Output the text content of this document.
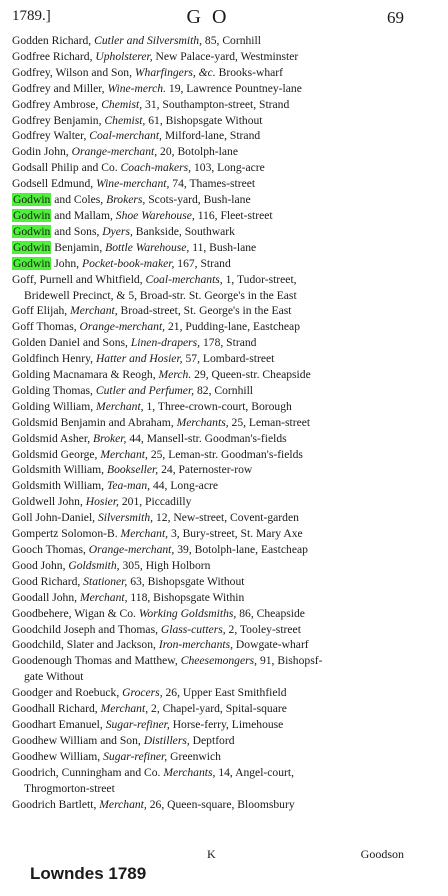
1789.]	G O	69
Godden Richard, Cutler and Silversmith, 85, Cornhill
Godfree Richard, Upholsterer, New Palace-yard, Westminster
Godfrey, Wilson and Son, Wharfingers, &c. Brooks-wharf
Godfrey and Miller, Wine-merch. 19, Lawrence Pountney-lane
Godfrey Ambrose, Chemist, 31, Southampton-street, Strand
Godfrey Benjamin, Chemist, 61, Bishopsgate Without
Godfrey Walter, Coal-merchant, Milford-lane, Strand
Godin John, Orange-merchant, 20, Botolph-lane
Godsall Philip and Co. Coach-makers, 103, Long-acre
Godsell Edmund, Wine-merchant, 74, Thames-street
Godwin and Coles, Brokers, Scots-yard, Bush-lane
Godwin and Mallam, Shoe Warehouse, 116, Fleet-street
Godwin and Sons, Dyers, Bankside, Southwark
Godwin Benjamin, Bottle Warehouse, 11, Bush-lane
Godwin John, Pocket-book-maker, 167, Strand
Goff, Purnell and Whitfield, Coal-merchants, 1, Tudor-street,
Bridewell Precinct, & 5, Broad-str. St. George's in the East
Goff Elijah, Merchant, Broad-street, St. George's in the East
Goff Thomas, Orange-merchant, 21, Pudding-lane, Eastcheap
Golden Daniel and Sons, Linen-drapers, 178, Strand
Goldfinch Henry, Hatter and Hosier, 57, Lombard-street
Golding Macnamara & Reogh, Merch. 29, Queen-str. Cheapside
Golding Thomas, Cutler and Perfumer, 82, Cornhill
Golding William, Merchant, 1, Three-crown-court, Borough
Goldsmid Benjamin and Abraham, Merchants, 25, Leman-street
Goldsmid Asher, Broker, 44, Mansell-str. Goodman's-fields
Goldsmid George, Merchant, 25, Leman-str. Goodman's-fields
Goldsmith William, Bookseller, 24, Paternoster-row
Goldsmith William, Tea-man, 44, Long-acre
Goldwell John, Hosier, 201, Piccadilly
Goll John-Daniel, Silversmith, 12, New-street, Covent-garden
Gompertz Solomon-B. Merchant, 3, Bury-street, St. Mary Axe
Gooch Thomas, Orange-merchant, 39, Botolph-lane, Eastcheap
Good John, Goldsmith, 305, High Holborn
Good Richard, Stationer, 63, Bishopsgate Without
Goodall John, Merchant, 118, Bishopsgate Within
Goodbehere, Wigan & Co. Working Goldsmiths, 86, Cheapside
Goodchild Joseph and Thomas, Glass-cutters, 2, Tooley-street
Goodchild, Slater and Jackson, Iron-merchants, Dowgate-wharf
Goodenough Thomas and Matthew, Cheesemongers, 91, Bishopsf-
gate Without
Goodger and Roebuck, Grocers, 26, Upper East Smithfield
Goodhall Richard, Merchant, 2, Chapel-yard, Spital-square
Goodhart Emanuel, Sugar-refiner, Horse-ferry, Limehouse
Goodhew William and Son, Distillers, Deptford
Goodhew William, Sugar-refiner, Greenwich
Goodrich, Cunningham and Co. Merchants, 14, Angel-court,
Throgmorton-street
Goodrich Bartlett, Merchant, 26, Queen-square, Bloomsbury
K	Goodson
Lowndes 1789
